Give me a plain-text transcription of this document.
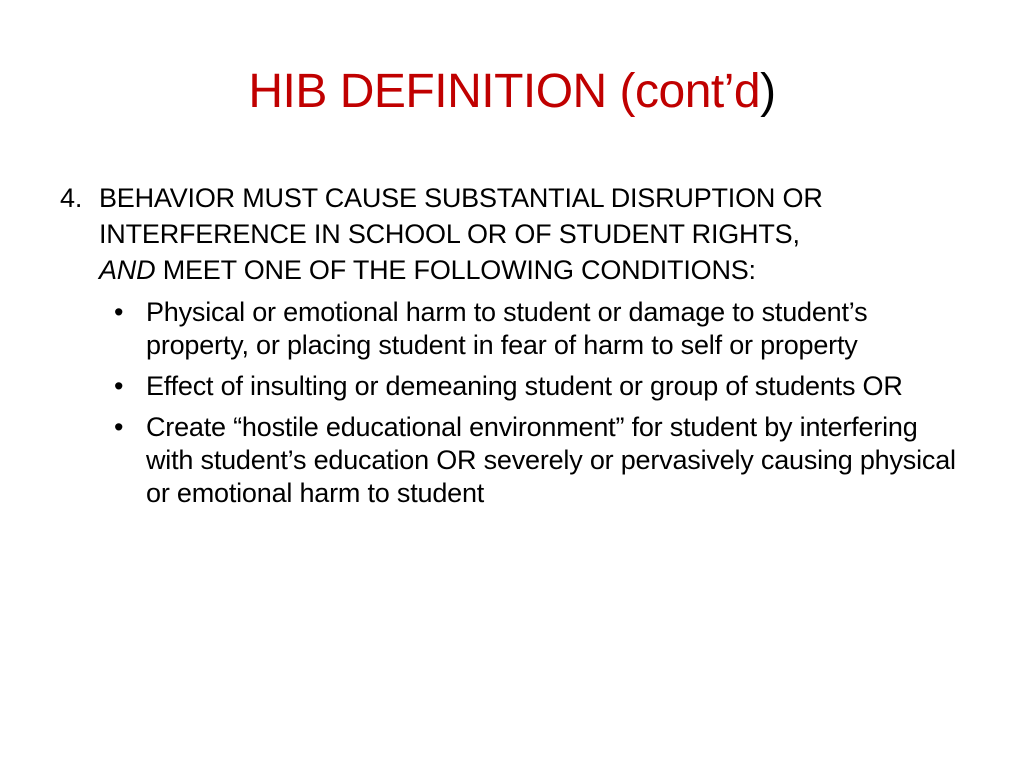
HIB DEFINITION (cont’d)
4. BEHAVIOR MUST CAUSE SUBSTANTIAL DISRUPTION OR INTERFERENCE IN SCHOOL OR OF STUDENT RIGHTS,
AND MEET ONE OF THE FOLLOWING CONDITIONS:
• Physical or emotional harm to student or damage to student’s property, or placing student in fear of harm to self or property
• Effect of insulting or demeaning student or group of students OR
• Create “hostile educational environment” for student by interfering with student’s education OR severely or pervasively causing physical or emotional harm to student
